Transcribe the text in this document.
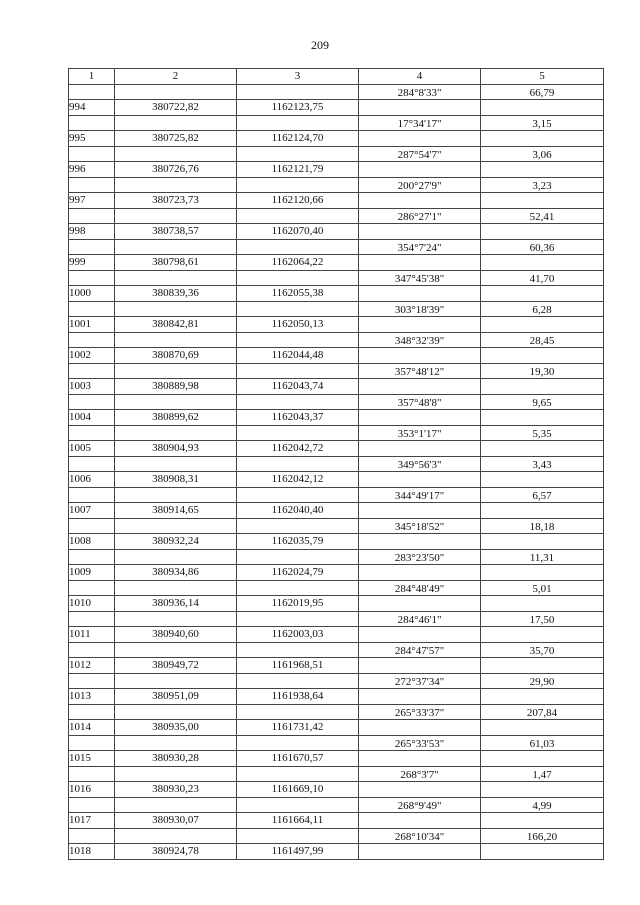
209
1	2	3	4	5
			284°8'33"	66,79
994	380722,82	1162123,75		
			17°34'17"	3,15
995	380725,82	1162124,70		
			287°54'7"	3,06
996	380726,76	1162121,79		
			200°27'9"	3,23
997	380723,73	1162120,66		
			286°27'1"	52,41
998	380738,57	1162070,40		
			354°7'24"	60,36
999	380798,61	1162064,22		
			347°45'38"	41,70
1000	380839,36	1162055,38		
			303°18'39"	6,28
1001	380842,81	1162050,13		
			348°32'39"	28,45
1002	380870,69	1162044,48		
			357°48'12"	19,30
1003	380889,98	1162043,74		
			357°48'8"	9,65
1004	380899,62	1162043,37		
			353°1'17"	5,35
1005	380904,93	1162042,72		
			349°56'3"	3,43
1006	380908,31	1162042,12		
			344°49'17"	6,57
1007	380914,65	1162040,40		
			345°18'52"	18,18
1008	380932,24	1162035,79		
			283°23'50"	11,31
1009	380934,86	1162024,79		
			284°48'49"	5,01
1010	380936,14	1162019,95		
			284°46'1"	17,50
1011	380940,60	1162003,03		
			284°47'57"	35,70
1012	380949,72	1161968,51		
			272°37'34"	29,90
1013	380951,09	1161938,64		
			265°33'37"	207,84
1014	380935,00	1161731,42		
			265°33'53"	61,03
1015	380930,28	1161670,57		
			268°3'7"	1,47
1016	380930,23	1161669,10		
			268°9'49"	4,99
1017	380930,07	1161664,11		
			268°10'34"	166,20
1018	380924,78	1161497,99		
